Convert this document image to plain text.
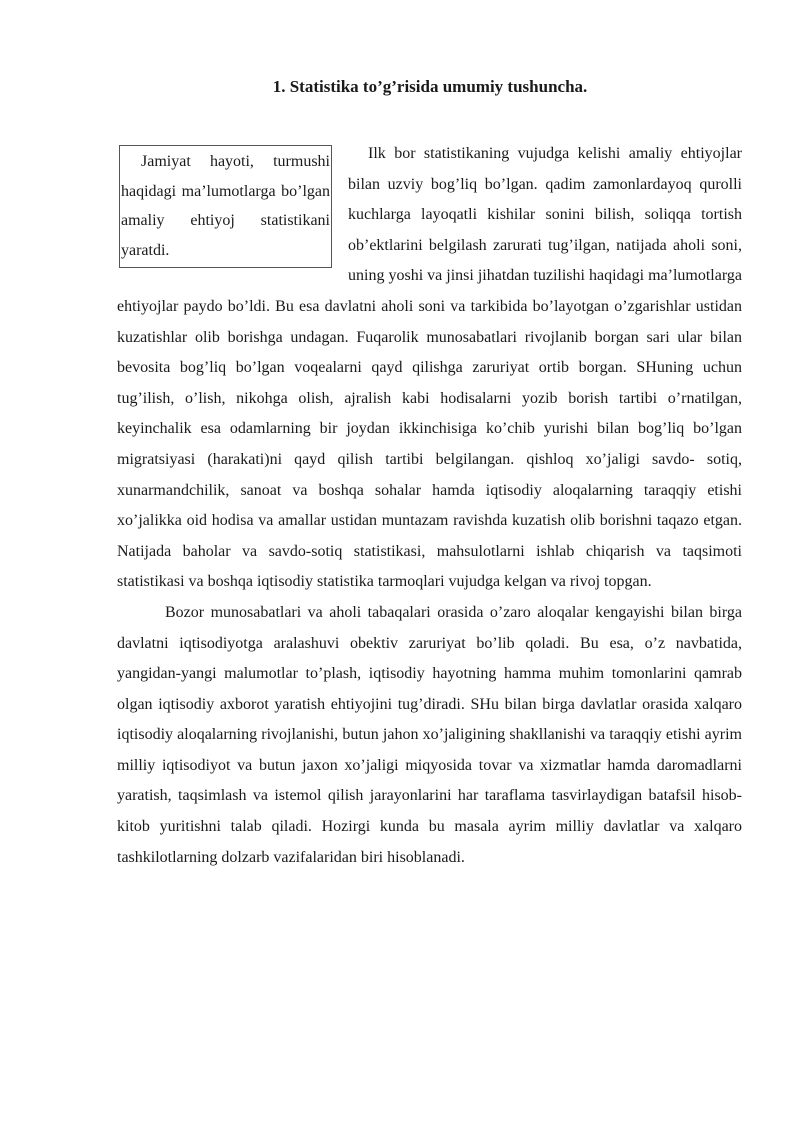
1. Statistika to’g’risida umumiy tushuncha.
Jamiyat hayoti, turmushi haqidagi ma’lumotlarga bo’lgan amaliy ehtiyoj statistikani yaratdi.

Ilk bor statistikaning vujudga kelishi amaliy ehtiyojlar bilan uzviy bog’liq bo’lgan. qadim zamonlardayoq qurolli kuchlarga layoqatli kishilar sonini bilish, soliqqa tortish ob’ektlarini belgilash zarurati tug’ilgan, natijada aholi soni, uning yoshi va jinsi jihatdan tuzilishi haqidagi ma’lumotlarga ehtiyojlar paydo bo’ldi. Bu esa davlatni aholi soni va tarkibida bo’layotgan o’zgarishlar ustidan kuzatishlar olib borishga undagan. Fuqarolik munosabatlari rivojlanib borgan sari ular bilan bevosita bog’liq bo’lgan voqealarni qayd qilishga zaruriyat ortib borgan. SHuning uchun tug’ilish, o’lish, nikohga olish, ajralish kabi hodisalarni yozib borish tartibi o’rnatilgan, keyinchalik esa odamlarning bir joydan ikkinchisiga ko’chib yurishi bilan bog’liq bo’lgan migratsiyasi (harakati)ni qayd qilish tartibi belgilangan. qishloq xo’jaligi savdo- sotiq, xunarmandchilik, sanoat va boshqa sohalar hamda iqtisodiy aloqalarning taraqqiy etishi xo’jalikka oid hodisa va amallar ustidan muntazam ravishda kuzatish olib borishni taqazo etgan. Natijada baholar va savdo-sotiq statistikasi, mahsulotlarni ishlab chiqarish va taqsimoti statistikasi va boshqa iqtisodiy statistika tarmoqlari vujudga kelgan va rivoj topgan.

Bozor munosabatlari va aholi tabaqalari orasida o’zaro aloqalar kengayishi bilan birga davlatni iqtisodiyotga aralashuvi obektiv zaruriyat bo’lib qoladi. Bu esa, o’z navbatida, yangidan-yangi malumotlar to’plash, iqtisodiy hayotning hamma muhim tomonlarini qamrab olgan iqtisodiy axborot yaratish ehtiyojini tug’diradi. SHu bilan birga davlatlar orasida xalqaro iqtisodiy aloqalarning rivojlanishi, butun jahon xo’jaligining shakllanishi va taraqqiy etishi ayrim milliy iqtisodiyot va butun jaxon xo’jaligi miqyosida tovar va xizmatlar hamda daromadlarni yaratish, taqsimlash va istemol qilish jarayonlarini har taraflama tasvirlaydigan batafsil hisob-kitob yuritishni talab qiladi. Hozirgi kunda bu masala ayrim milliy davlatlar va xalqaro tashkilotlarning dolzarb vazifalaridan biri hisoblanadi.
